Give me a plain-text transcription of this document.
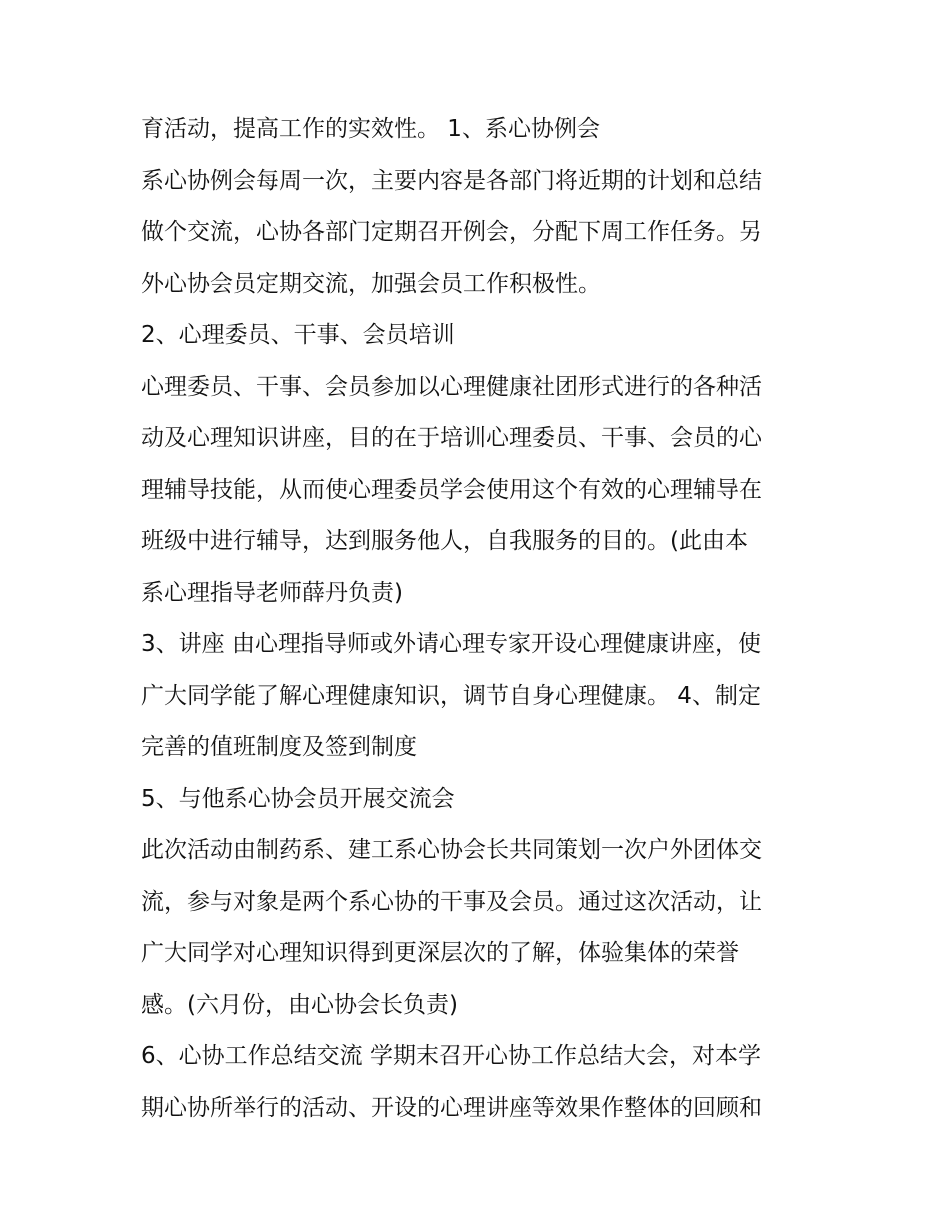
育活动，提高工作的实效性。 1、系心协例会
系心协例会每周一次，主要内容是各部门将近期的计划和总结
做个交流，心协各部门定期召开例会，分配下周工作任务。另
外心协会员定期交流，加强会员工作积极性。
2、心理委员、干事、会员培训
心理委员、干事、会员参加以心理健康社团形式进行的各种活
动及心理知识讲座，目的在于培训心理委员、干事、会员的心
理辅导技能，从而使心理委员学会使用这个有效的心理辅导在
班级中进行辅导，达到服务他人，自我服务的目的。(此由本
系心理指导老师薛丹负责)
3、讲座 由心理指导师或外请心理专家开设心理健康讲座，使
广大同学能了解心理健康知识，调节自身心理健康。 4、制定
完善的值班制度及签到制度
5、与他系心协会员开展交流会
此次活动由制药系、建工系心协会长共同策划一次户外团体交
流，参与对象是两个系心协的干事及会员。通过这次活动，让
广大同学对心理知识得到更深层次的了解，体验集体的荣誉
感。(六月份，由心协会长负责)
6、心协工作总结交流 学期末召开心协工作总结大会，对本学
期心协所举行的活动、开设的心理讲座等效果作整体的回顾和
